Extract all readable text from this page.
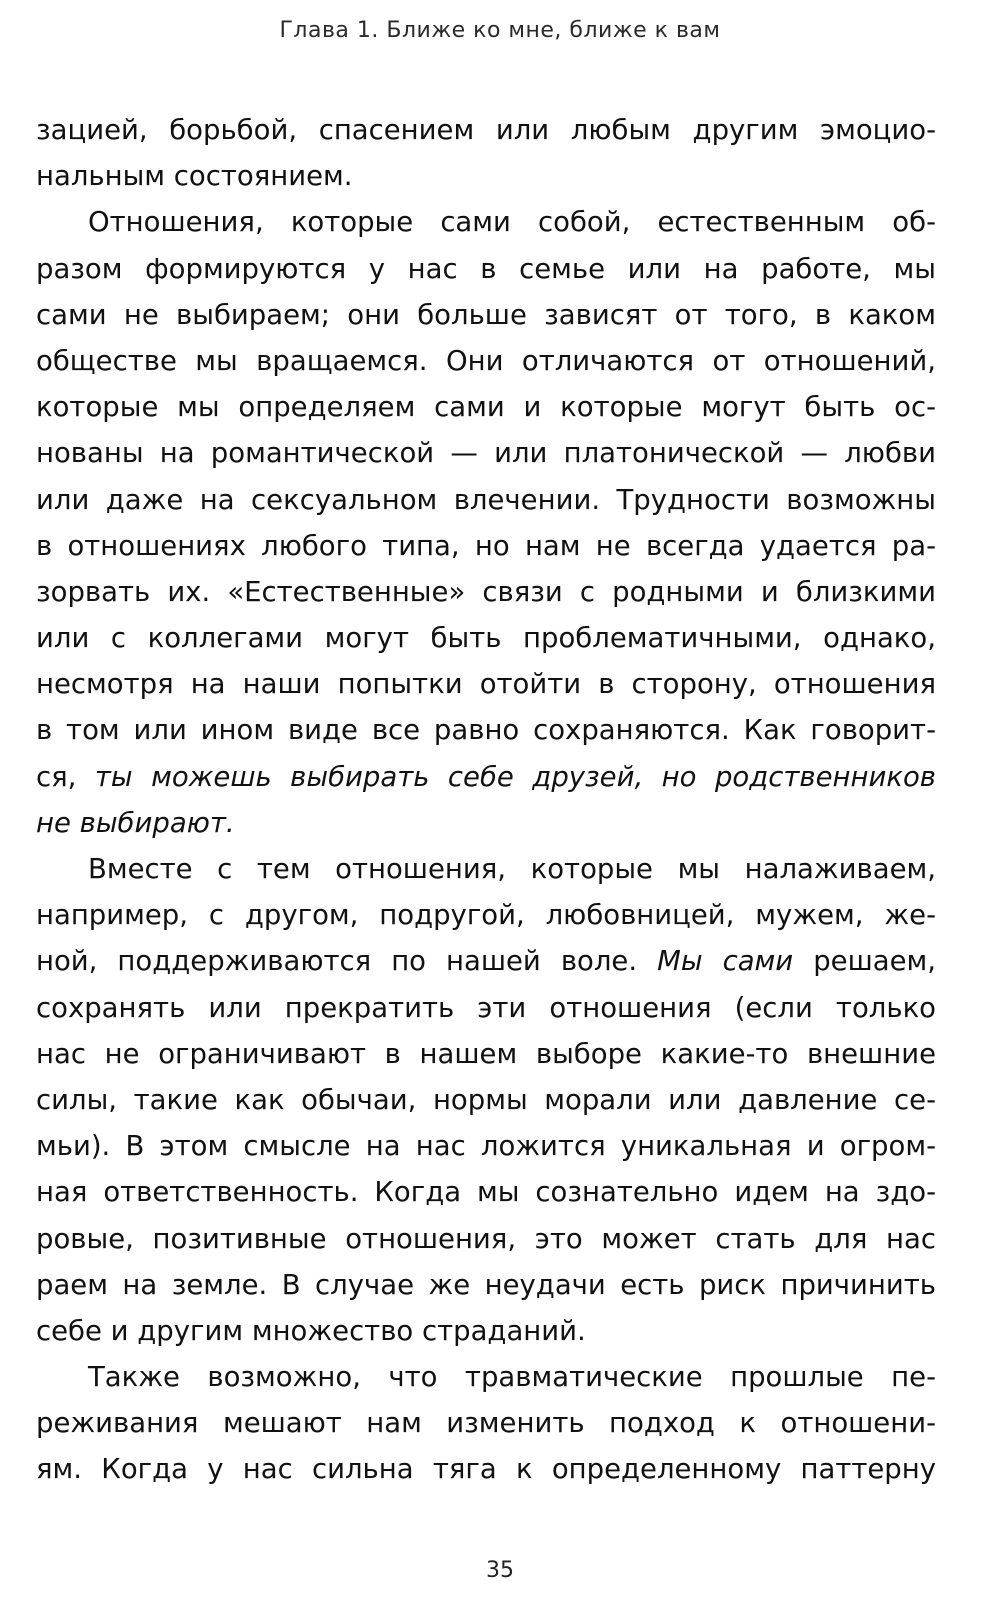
Глава 1. Ближе ко мне, ближе к вам
зацией, борьбой, спасением или любым другим эмоцио-
нальным состоянием.
Отношения, которые сами собой, естественным об-
разом формируются у нас в семье или на работе, мы
сами не выбираем; они больше зависят от того, в каком
обществе мы вращаемся. Они отличаются от отношений,
которые мы определяем сами и которые могут быть ос-
нованы на романтической — или платонической — любви
или даже на сексуальном влечении. Трудности возможны
в отношениях любого типа, но нам не всегда удается ра-
зорвать их. «Естественные» связи с родными и близкими
или с коллегами могут быть проблематичными, однако,
несмотря на наши попытки отойти в сторону, отношения
в том или ином виде все равно сохраняются. Как говорит-
ся, ты можешь выбирать себе друзей, но родственников
не выбирают.
Вместе с тем отношения, которые мы налаживаем,
например, с другом, подругой, любовницей, мужем, же-
ной, поддерживаются по нашей воле. Мы сами решаем,
сохранять или прекратить эти отношения (если только
нас не ограничивают в нашем выборе какие-то внешние
силы, такие как обычаи, нормы морали или давление се-
мьи). В этом смысле на нас ложится уникальная и огром-
ная ответственность. Когда мы сознательно идем на здо-
ровые, позитивные отношения, это может стать для нас
раем на земле. В случае же неудачи есть риск причинить
себе и другим множество страданий.
Также возможно, что травматические прошлые пе-
реживания мешают нам изменить подход к отношени-
ям. Когда у нас сильна тяга к определенному паттерну
35
